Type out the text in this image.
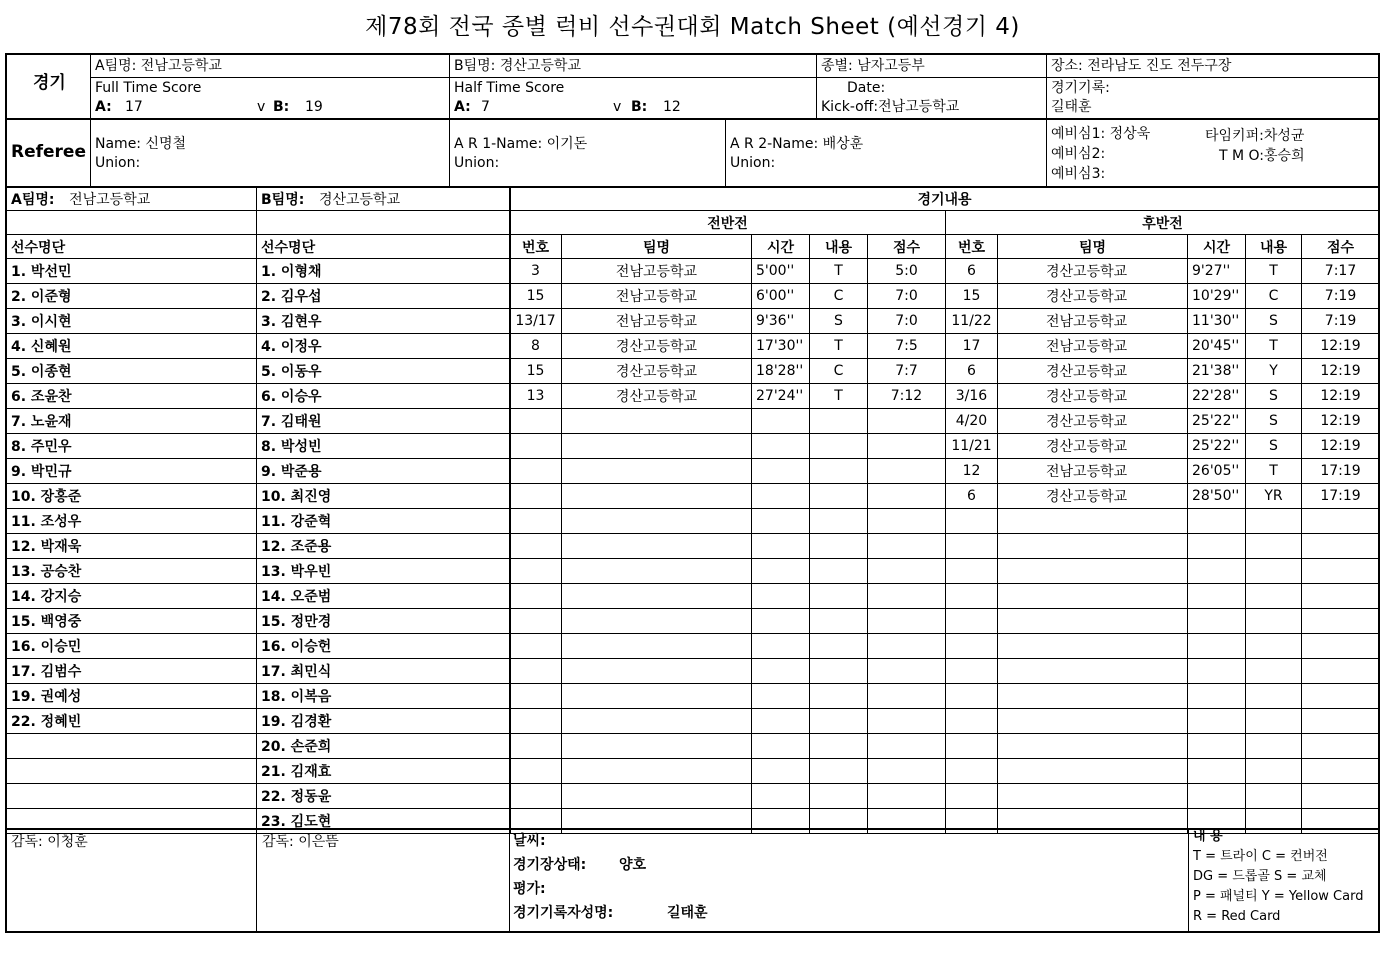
제78회 전국 종별 럭비 선수권대회 Match Sheet (예선경기 4)
경기
A팀명: 전남고등학교	B팀명: 경산고등학교	종별: 남자고등부	장소: 전라남도 진도 전두구장
Full Time Score
A: 17	v B: 19
Half Time Score
A: 7	v B: 12
Date:
Kick-off:전남고등학교
경기기록:
길태훈
Referee Name: 신명철
Union:
A R 1-Name: 이기돈
Union:
A R 2-Name: 배상훈
Union:
예비심1: 정상욱
예비심2:
예비심3:
타임키퍼:차성균
T M O:홍승희
A팀명: 전남고등학교	B팀명: 경산고등학교

선수명단	선수명단
1. 박선민	1. 이형채
2. 이준형	2. 김우섭
3. 이시현	3. 김현우
4. 신혜원	4. 이정우
5. 이종현	5. 이동우
6. 조윤찬	6. 이승우
7. 노윤재	7. 김태원
8. 주민우	8. 박성빈
9. 박민규	9. 박준용
10. 장홍준	10. 최진영
11. 조성우	11. 강준혁
12. 박재욱	12. 조준용
13. 공승찬	13. 박우빈
14. 강지승	14. 오준범
15. 백영중	15. 정만경
16. 이승민	16. 이승헌
17. 김범수	17. 최민식
19. 권예성	18. 이복음
22. 정혜빈	19. 김경환
	20. 손준희
	21. 김재효
	22. 정동윤
	23. 김도현
경기내용									
전반전					후반전				
번호	팀명	시간	내용	점수	번호	팀명	시간	내용	점수
3	전남고등학교	5'00''	T	5:0	6	경산고등학교	9'27''	T	7:17
15	전남고등학교	6'00''	C	7:0	15	경산고등학교	10'29''	C	7:19
13/17	전남고등학교	9'36''	S	7:0	11/22	전남고등학교	11'30''	S	7:19
8	경산고등학교	17'30''	T	7:5	17	전남고등학교	20'45''	T	12:19
15	경산고등학교	18'28''	C	7:7	6	경산고등학교	21'38''	Y	12:19
13	경산고등학교	27'24''	T	7:12	3/16	경산고등학교	22'28''	S	12:19
					4/20	경산고등학교	25'22''	S	12:19
					11/21	경산고등학교	25'22''	S	12:19
					12	전남고등학교	26'05''	T	17:19
					6	경산고등학교	28'50''	YR	17:19

감독: 이청훈	감독: 이은뜸	날씨:
경기장상태: 양호
평가:
경기기록자성명:	길태훈
내 용
T = 트라이 C = 컨버전
DG = 드롭골 S = 교체
P = 패널티 Y = Yellow Card
R = Red Card
